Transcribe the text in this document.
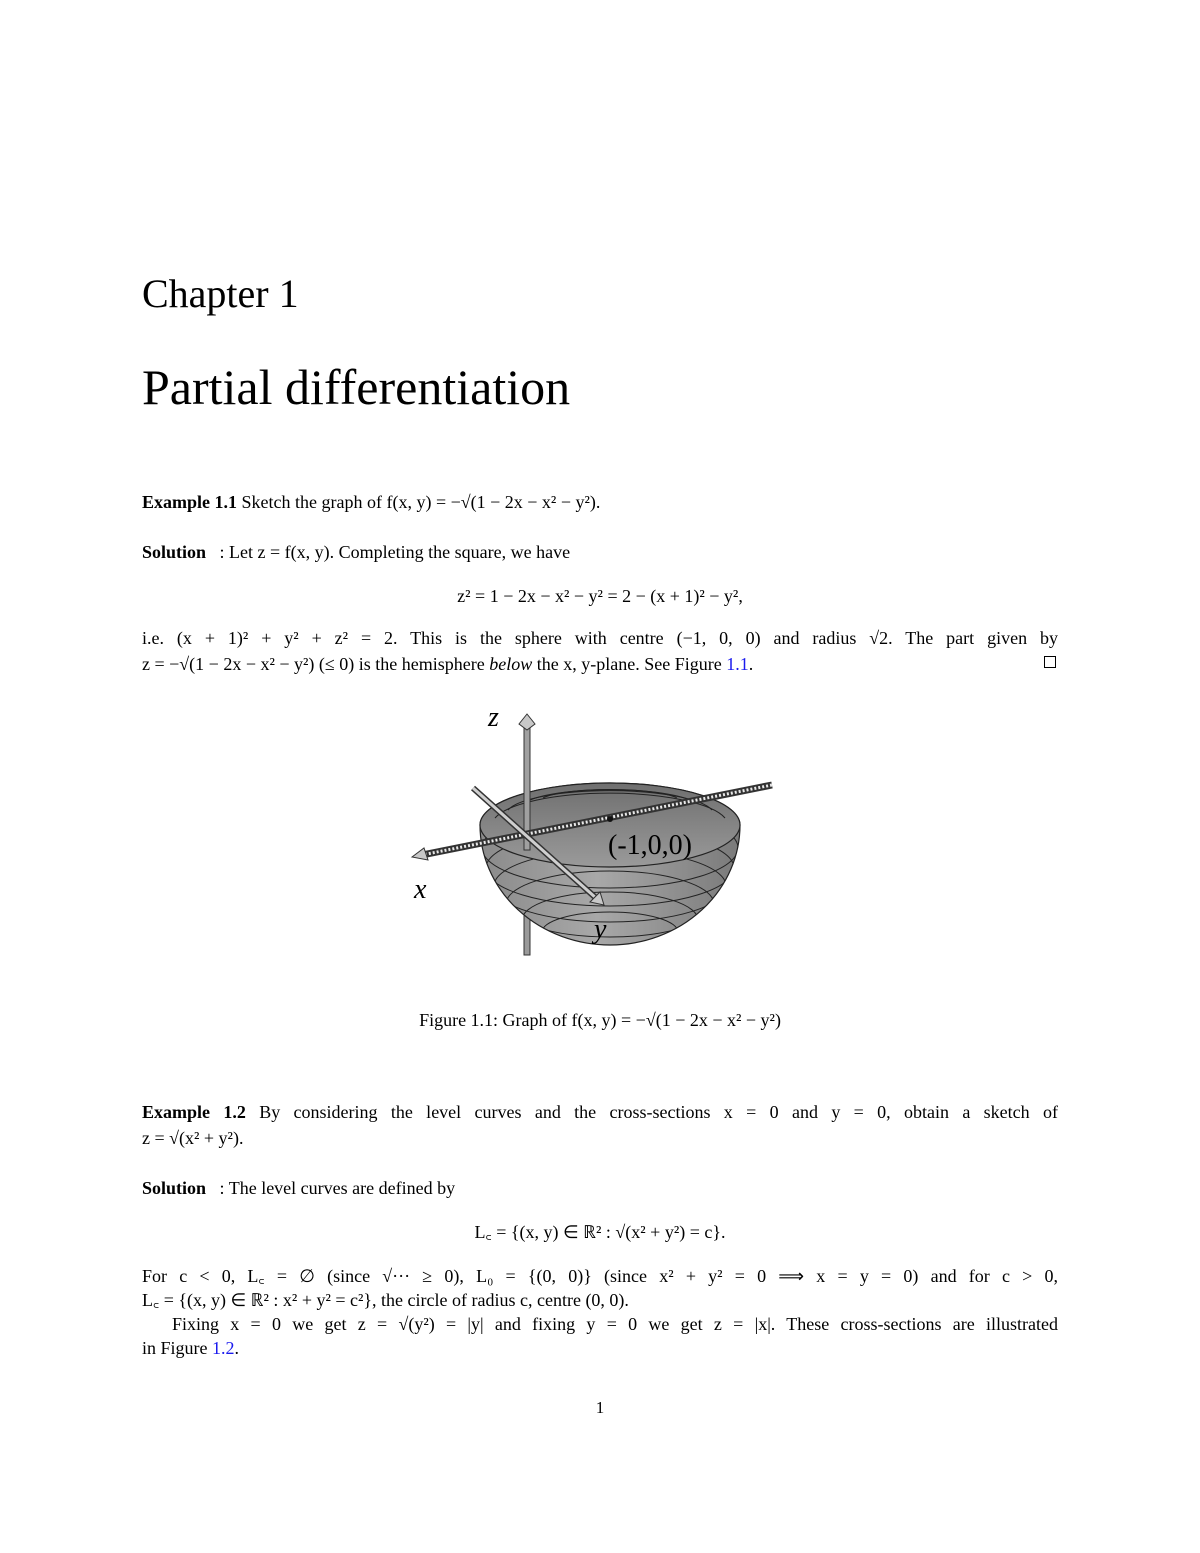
Chapter 1
Partial differentiation
Example 1.1 Sketch the graph of f(x, y) = −√(1 − 2x − x² − y²).
Solution : Let z = f(x, y). Completing the square, we have
z² = 1 − 2x − x² − y² = 2 − (x + 1)² − y²,
i.e. (x + 1)² + y² + z² = 2. This is the sphere with centre (−1, 0, 0) and radius √2. The part given by
z = −√(1 − 2x − x² − y²) (≤ 0) is the hemisphere below the x, y-plane. See Figure 1.1.
z
x
y
(-1,0,0)
Figure 1.1: Graph of f(x, y) = −√(1 − 2x − x² − y²)
Example 1.2 By considering the level curves and the cross-sections x = 0 and y = 0, obtain a sketch of
z = √(x² + y²).
Solution : The level curves are defined by
L꜀ = {(x, y) ∈ ℝ² : √(x² + y²) = c}.
For c < 0, L꜀ = ∅ (since √··· ≥ 0), L₀ = {(0, 0)} (since x² + y² = 0 ⟹ x = y = 0) and for c > 0,
L꜀ = {(x, y) ∈ ℝ² : x² + y² = c²}, the circle of radius c, centre (0, 0).
Fixing x = 0 we get z = √(y²) = |y| and fixing y = 0 we get z = |x|. These cross-sections are illustrated
in Figure 1.2.
1
